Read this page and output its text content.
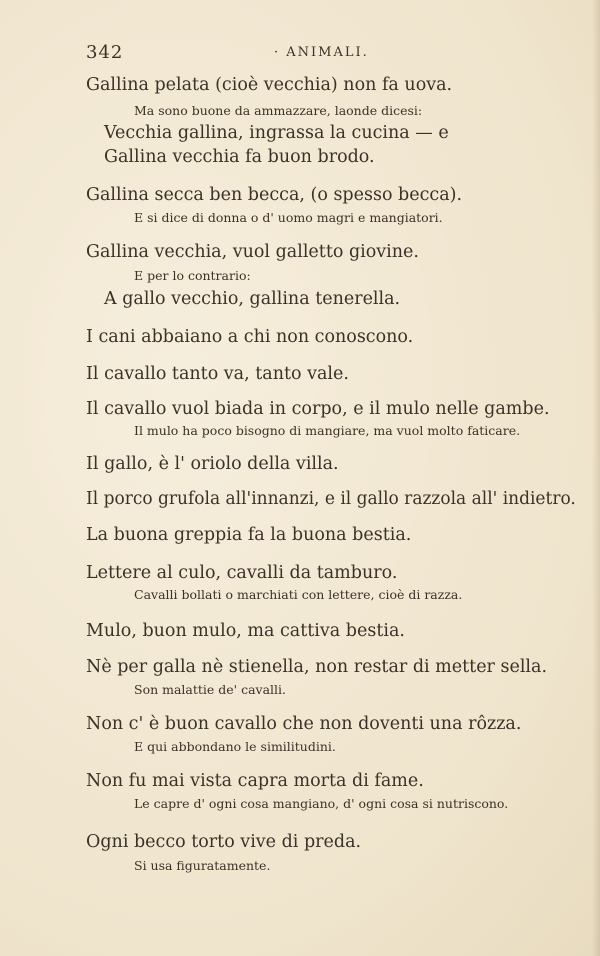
342	· ANIMALI.
Gallina pelata (cioè vecchia) non fa uova.
Ma sono buone da ammazzare, laonde dicesi:
Vecchia gallina, ingrassa la cucina — e
Gallina vecchia fa buon brodo.
Gallina secca ben becca, (o spesso becca).
E si dice di donna o d' uomo magri e mangiatori.
Gallina vecchia, vuol galletto giovine.
E per lo contrario:
A gallo vecchio, gallina tenerella.
I cani abbaiano a chi non conoscono.
Il cavallo tanto va, tanto vale.
Il cavallo vuol biada in corpo, e il mulo nelle gambe.
Il mulo ha poco bisogno di mangiare, ma vuol molto faticare.
Il gallo, è l' oriolo della villa.
Il porco grufola all'innanzi, e il gallo razzola all' indietro.
La buona greppia fa la buona bestia.
Lettere al culo, cavalli da tamburo.
Cavalli bollati o marchiati con lettere, cioè di razza.
Mulo, buon mulo, ma cattiva bestia.
Nè per galla nè stienella, non restar di metter sella.
Son malattie de' cavalli.
Non c' è buon cavallo che non doventi una rôzza.
E qui abbondano le similitudini.
Non fu mai vista capra morta di fame.
Le capre d' ogni cosa mangiano, d' ogni cosa si nutriscono.
Ogni becco torto vive di preda.
Si usa figuratamente.
